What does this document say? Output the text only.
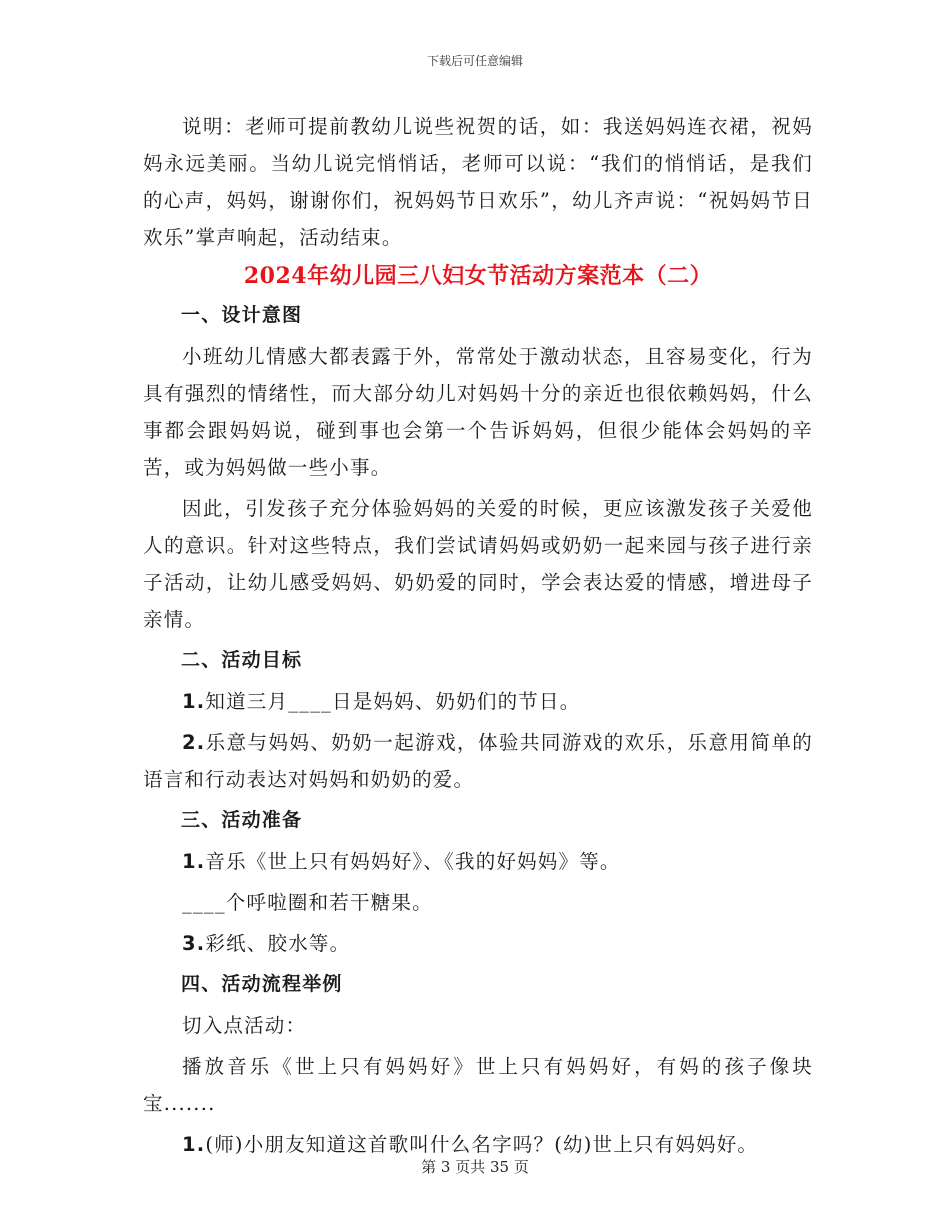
下载后可任意编辑

说明：老师可提前教幼儿说些祝贺的话，如：我送妈妈连衣裙，祝妈妈永远美丽。当幼儿说完悄悄话，老师可以说：“我们的悄悄话，是我们的心声，妈妈，谢谢你们，祝妈妈节日欢乐”，幼儿齐声说：“祝妈妈节日欢乐”掌声响起，活动结束。

2024年幼儿园三八妇女节活动方案范本（二）

一、设计意图

小班幼儿情感大都表露于外，常常处于激动状态，且容易变化，行为具有强烈的情绪性，而大部分幼儿对妈妈十分的亲近也很依赖妈妈，什么事都会跟妈妈说，碰到事也会第一个告诉妈妈，但很少能体会妈妈的辛苦，或为妈妈做一些小事。

因此，引发孩子充分体验妈妈的关爱的时候，更应该激发孩子关爱他人的意识。针对这些特点，我们尝试请妈妈或奶奶一起来园与孩子进行亲子活动，让幼儿感受妈妈、奶奶爱的同时，学会表达爱的情感，增进母子亲情。

二、活动目标

1.知道三月____日是妈妈、奶奶们的节日。

2.乐意与妈妈、奶奶一起游戏，体验共同游戏的欢乐，乐意用简单的语言和行动表达对妈妈和奶奶的爱。

三、活动准备

1.音乐《世上只有妈妈好》、《我的好妈妈》等。

____个呼啦圈和若干糖果。

3.彩纸、胶水等。

四、活动流程举例

切入点活动：

播放音乐《世上只有妈妈好》世上只有妈妈好，有妈的孩子像块宝.......

1.(师)小朋友知道这首歌叫什么名字吗？(幼)世上只有妈妈好。

第 3 页共 35 页
